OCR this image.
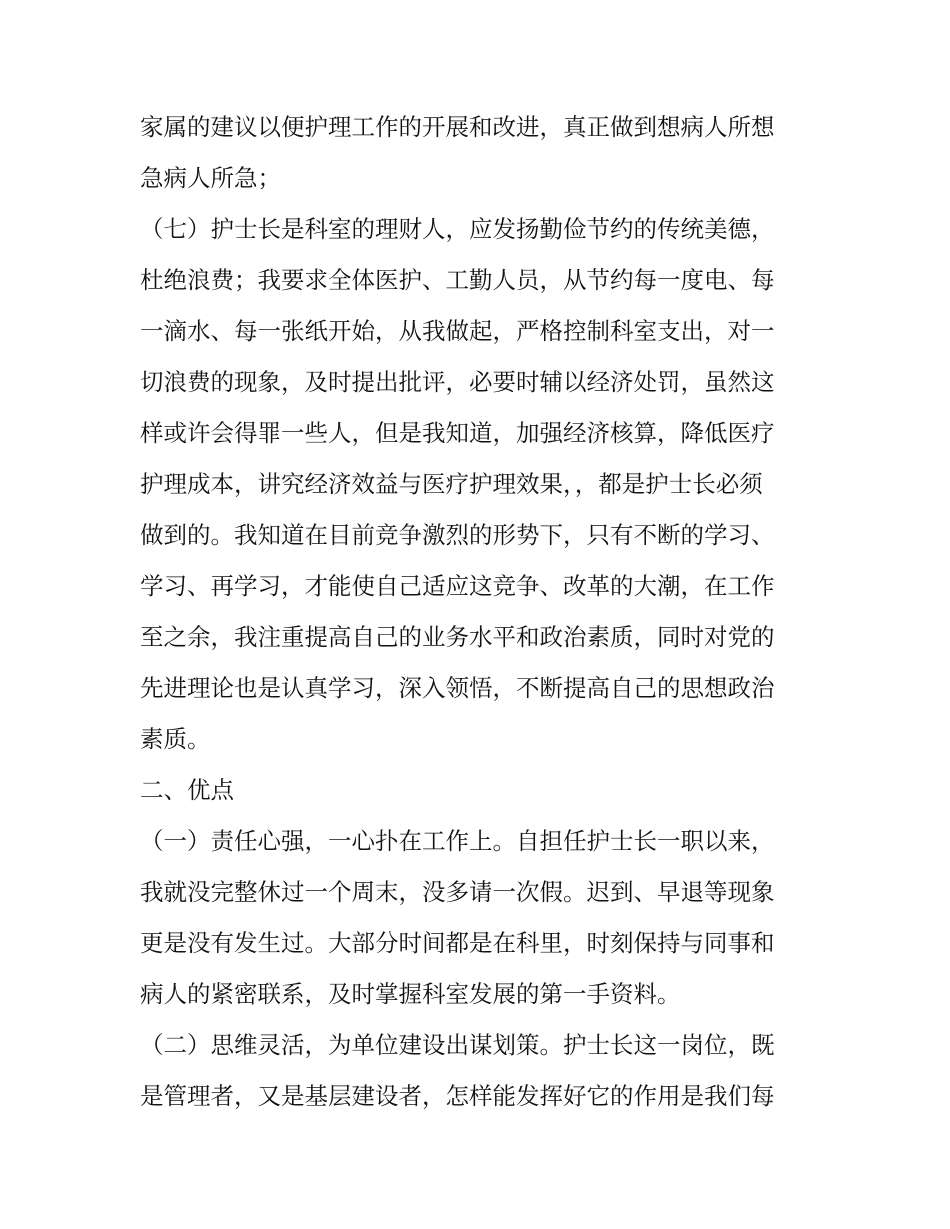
家属的建议以便护理工作的开展和改进，真正做到想病人所想
急病人所急；
（七）护士长是科室的理财人，应发扬勤俭节约的传统美德，
杜绝浪费；我要求全体医护、工勤人员，从节约每一度电、每
一滴水、每一张纸开始，从我做起，严格控制科室支出，对一
切浪费的现象，及时提出批评，必要时辅以经济处罚，虽然这
样或许会得罪一些人，但是我知道，加强经济核算，降低医疗
护理成本，讲究经济效益与医疗护理效果，，都是护士长必须
做到的。我知道在目前竞争激烈的形势下，只有不断的学习、
学习、再学习，才能使自己适应这竞争、改革的大潮，在工作
至之余，我注重提高自己的业务水平和政治素质，同时对党的
先进理论也是认真学习，深入领悟，不断提高自己的思想政治
素质。
二、优点
（一）责任心强，一心扑在工作上。自担任护士长一职以来，
我就没完整休过一个周末，没多请一次假。迟到、早退等现象
更是没有发生过。大部分时间都是在科里，时刻保持与同事和
病人的紧密联系，及时掌握科室发展的第一手资料。
（二）思维灵活，为单位建设出谋划策。护士长这一岗位，既
是管理者，又是基层建设者，怎样能发挥好它的作用是我们每
